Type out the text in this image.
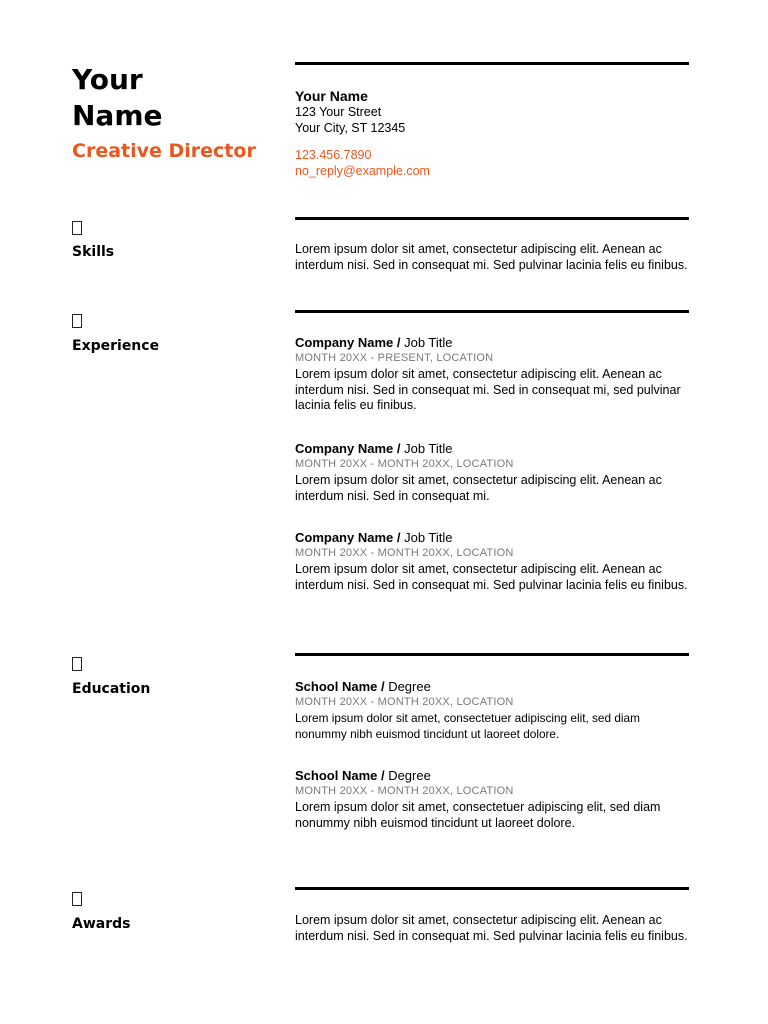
Your
Name
Creative Director
Your Name
123 Your Street
Your City, ST 12345
123.456.7890
no_reply@example.com
Skills	Lorem ipsum dolor sit amet, consectetur adipiscing elit. Aenean ac interdum nisi. Sed in consequat mi. Sed pulvinar lacinia felis eu finibus.
Experience	Company Name / Job Title
MONTH 20XX - PRESENT, LOCATION
Lorem ipsum dolor sit amet, consectetur adipiscing elit. Aenean ac interdum nisi. Sed in consequat mi. Sed in consequat mi, sed pulvinar lacinia felis eu finibus.
Company Name / Job Title
MONTH 20XX - MONTH 20XX, LOCATION
Lorem ipsum dolor sit amet, consectetur adipiscing elit. Aenean ac interdum nisi. Sed in consequat mi.
Company Name / Job Title
MONTH 20XX - MONTH 20XX, LOCATION
Lorem ipsum dolor sit amet, consectetur adipiscing elit. Aenean ac interdum nisi. Sed in consequat mi. Sed pulvinar lacinia felis eu finibus.
Education	School Name / Degree
MONTH 20XX - MONTH 20XX, LOCATION
Lorem ipsum dolor sit amet, consectetuer adipiscing elit, sed diam nonummy nibh euismod tincidunt ut laoreet dolore.
School Name / Degree
MONTH 20XX - MONTH 20XX, LOCATION
Lorem ipsum dolor sit amet, consectetuer adipiscing elit, sed diam nonummy nibh euismod tincidunt ut laoreet dolore.
Awards	Lorem ipsum dolor sit amet, consectetur adipiscing elit. Aenean ac interdum nisi. Sed in consequat mi. Sed pulvinar lacinia felis eu finibus.
